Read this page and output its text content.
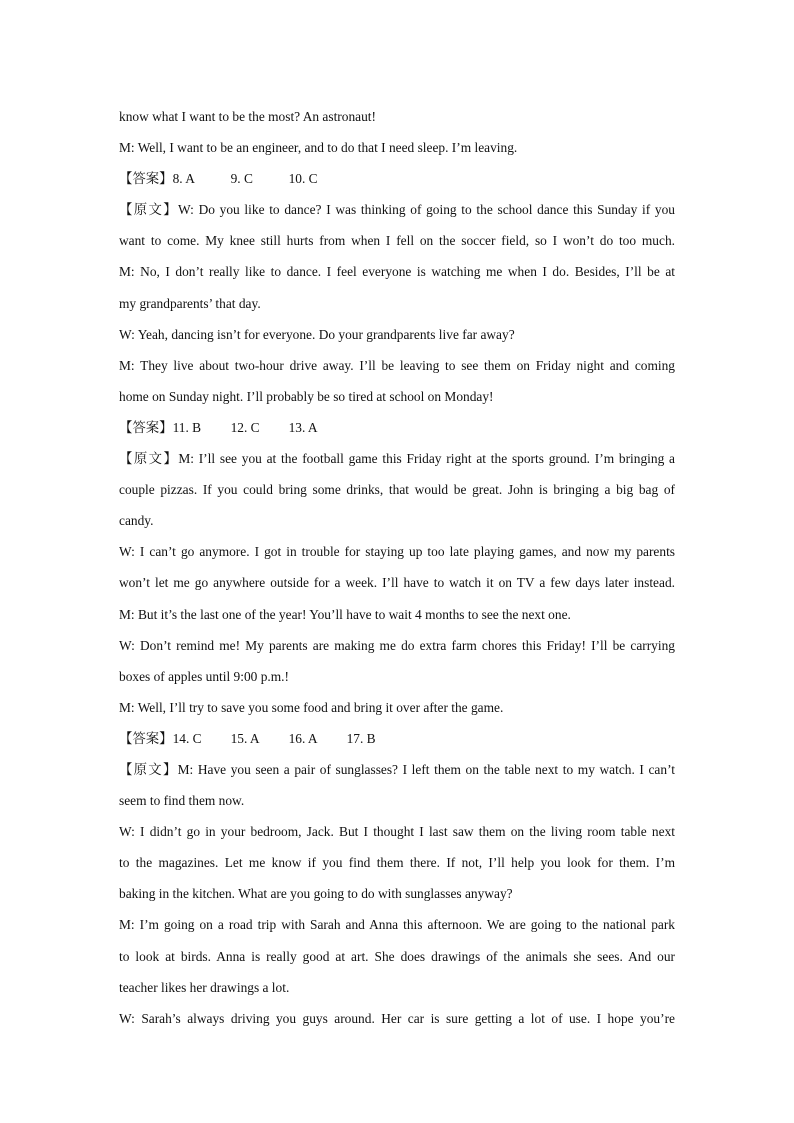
know what I want to be the most? An astronaut!
M: Well, I want to be an engineer, and to do that I need sleep. I’m leaving.
【答案】8. A	9. C	10. C
【原文】W: Do you like to dance? I was thinking of going to the school dance this Sunday if you
want to come. My knee still hurts from when I fell on the soccer field, so I won’t do too much.
M: No, I don’t really like to dance. I feel everyone is watching me when I do. Besides, I’ll be at
my grandparents’ that day.
W: Yeah, dancing isn’t for everyone. Do your grandparents live far away?
M: They live about two-hour drive away. I’ll be leaving to see them on Friday night and coming
home on Sunday night. I’ll probably be so tired at school on Monday!
【答案】11. B 12. C 13. A
【原文】M: I’ll see you at the football game this Friday right at the sports ground. I’m bringing a
couple pizzas. If you could bring some drinks, that would be great. John is bringing a big bag of
candy.
W: I can’t go anymore. I got in trouble for staying up too late playing games, and now my parents
won’t let me go anywhere outside for a week. I’ll have to watch it on TV a few days later instead.
M: But it’s the last one of the year! You’ll have to wait 4 months to see the next one.
W: Don’t remind me! My parents are making me do extra farm chores this Friday! I’ll be carrying
boxes of apples until 9:00 p.m.!
M: Well, I’ll try to save you some food and bring it over after the game.
【答案】14. C 15. A 16. A 17. B
【原文】M: Have you seen a pair of sunglasses? I left them on the table next to my watch. I can’t
seem to find them now.
W: I didn’t go in your bedroom, Jack. But I thought I last saw them on the living room table next
to the magazines. Let me know if you find them there. If not, I’ll help you look for them. I’m
baking in the kitchen. What are you going to do with sunglasses anyway?
M: I’m going on a road trip with Sarah and Anna this afternoon. We are going to the national park
to look at birds. Anna is really good at art. She does drawings of the animals she sees. And our
teacher likes her drawings a lot.
W: Sarah’s always driving you guys around. Her car is sure getting a lot of use. I hope you’re
